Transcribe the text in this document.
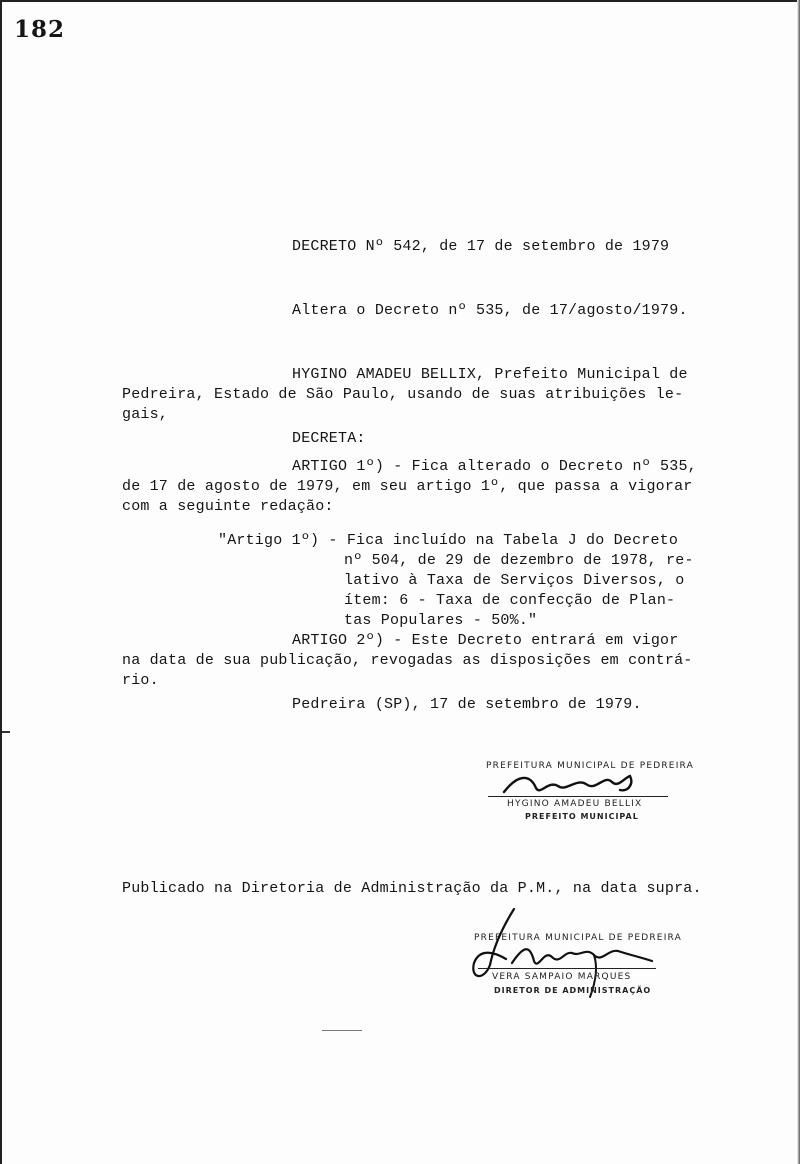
182
DECRETO Nº 542, de 17 de setembro de 1979
Altera o Decreto nº 535, de 17/agosto/1979.
HYGINO AMADEU BELLIX, Prefeito Municipal de
Pedreira, Estado de São Paulo, usando de suas atribuições le-
gais,
DECRETA:
ARTIGO 1º) - Fica alterado o Decreto nº 535,
de 17 de agosto de 1979, em seu artigo 1º, que passa a vigorar
com a seguinte redação:
"Artigo 1º) - Fica incluído na Tabela J do Decreto
nº 504, de 29 de dezembro de 1978, re-
lativo à Taxa de Serviços Diversos, o
ítem: 6 - Taxa de confecção de Plan-
tas Populares - 50%."
ARTIGO 2º) - Este Decreto entrará em vigor
na data de sua publicação, revogadas as disposições em contrá-
rio.
Pedreira (SP), 17 de setembro de 1979.
PREFEITURA MUNICIPAL DE PEDREIRA
HYGINO AMADEU BELLIX
PREFEITO MUNICIPAL
Publicado na Diretoria de Administração da P.M., na data supra.
PREFEITURA MUNICIPAL DE PEDREIRA
VERA SAMPAIO MARQUES
DIRETOR DE ADMINISTRAÇÃO
